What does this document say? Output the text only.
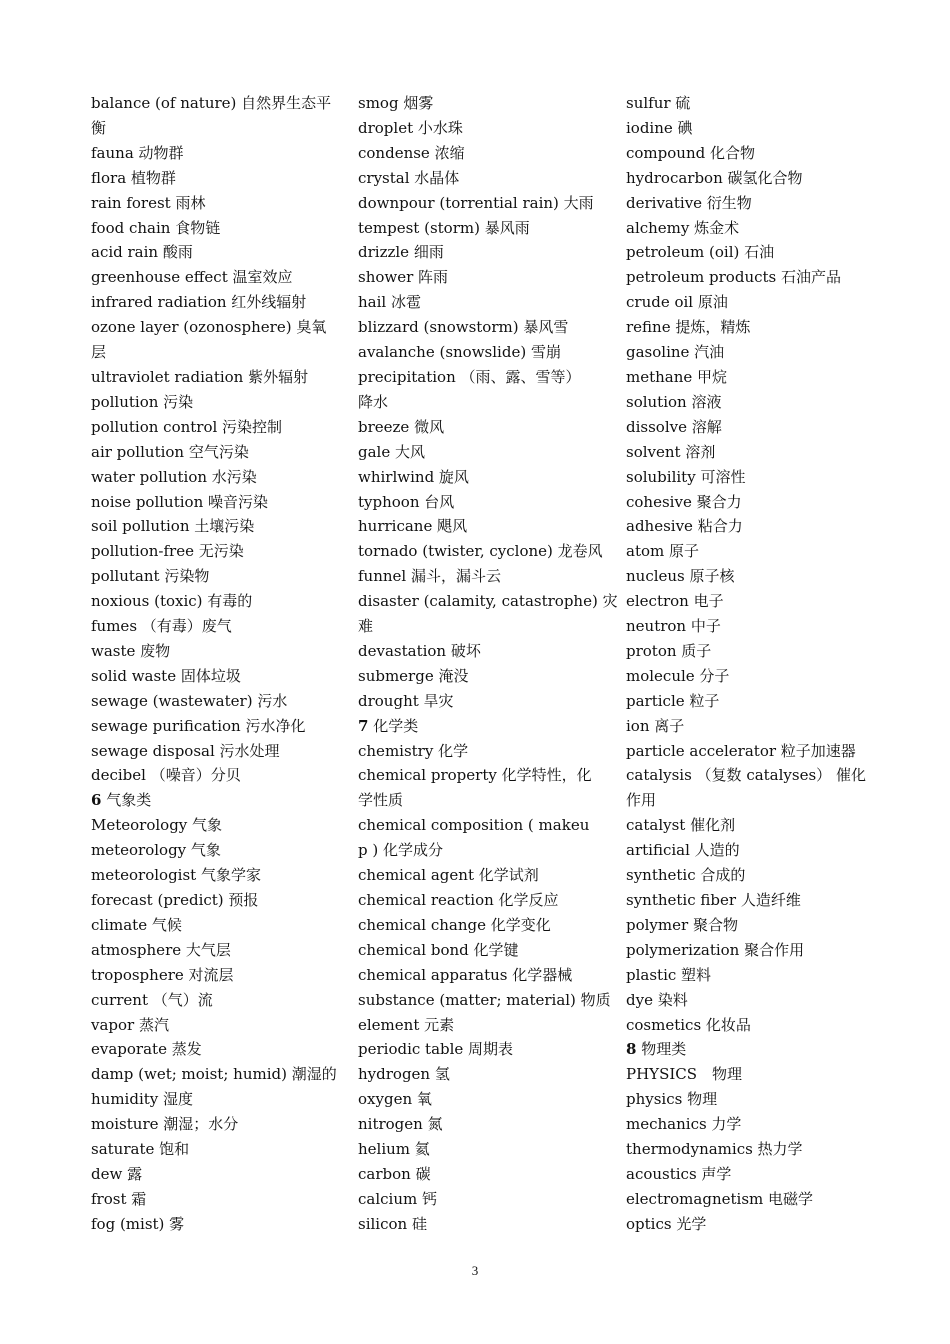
balance (of nature) 自然界生态平
衡
fauna 动物群
flora 植物群
rain forest 雨林
food chain 食物链
acid rain 酸雨
greenhouse effect 温室效应
infrared radiation 红外线辐射
ozone layer (ozonosphere) 臭氧
层
ultraviolet radiation 紫外辐射
pollution 污染
pollution control 污染控制
air pollution 空气污染
water pollution 水污染
noise pollution 噪音污染
soil pollution 土壤污染
pollution-free 无污染
pollutant 污染物
noxious (toxic) 有毒的
fumes （有毒）废气
waste 废物
solid waste 固体垃圾
sewage (wastewater) 污水
sewage purification 污水净化
sewage disposal 污水处理
decibel （噪音）分贝
6 气象类
Meteorology 气象
meteorology 气象
meteorologist 气象学家
forecast (predict) 预报
climate 气候
atmosphere 大气层
troposphere 对流层
current （气）流
vapor 蒸汽
evaporate 蒸发
damp (wet; moist; humid) 潮湿的
humidity 湿度
moisture 潮湿；水分
saturate 饱和
dew 露
frost 霜
fog (mist) 雾
smog 烟雾
droplet 小水珠
condense 浓缩
crystal 水晶体
downpour (torrential rain) 大雨
tempest (storm) 暴风雨
drizzle 细雨
shower 阵雨
hail 冰雹
blizzard (snowstorm) 暴风雪
avalanche (snowslide) 雪崩
precipitation （雨、露、雪等）
降水
breeze 微风
gale 大风
whirlwind 旋风
typhoon 台风
hurricane 飓风
tornado (twister, cyclone) 龙卷风
funnel 漏斗，漏斗云
disaster (calamity, catastrophe) 灾
难
devastation 破坏
submerge 淹没
drought 旱灾
7 化学类
chemistry 化学
chemical property 化学特性，化
学性质
chemical composition ( makeu
p ) 化学成分
chemical agent 化学试剂
chemical reaction 化学反应
chemical change 化学变化
chemical bond 化学键
chemical apparatus 化学器械
substance (matter; material) 物质
element 元素
periodic table 周期表
hydrogen 氢
oxygen 氧
nitrogen 氮
helium 氦
carbon 碳
calcium 钙
silicon 硅
sulfur 硫
iodine 碘
compound 化合物
hydrocarbon 碳氢化合物
derivative 衍生物
alchemy 炼金术
petroleum (oil) 石油
petroleum products 石油产品
crude oil 原油
refine 提炼，精炼
gasoline 汽油
methane 甲烷
solution 溶液
dissolve 溶解
solvent 溶剂
solubility 可溶性
cohesive 聚合力
adhesive 粘合力
atom 原子
nucleus 原子核
electron 电子
neutron 中子
proton 质子
molecule 分子
particle 粒子
ion 离子
particle accelerator 粒子加速器
catalysis （复数 catalyses） 催化
作用
catalyst 催化剂
artificial 人造的
synthetic 合成的
synthetic fiber 人造纤维
polymer 聚合物
polymerization 聚合作用
plastic 塑料
dye 染料
cosmetics 化妆品
8 物理类
PHYSICS　物理
physics 物理
mechanics 力学
thermodynamics 热力学
acoustics 声学
electromagnetism 电磁学
optics 光学
3
